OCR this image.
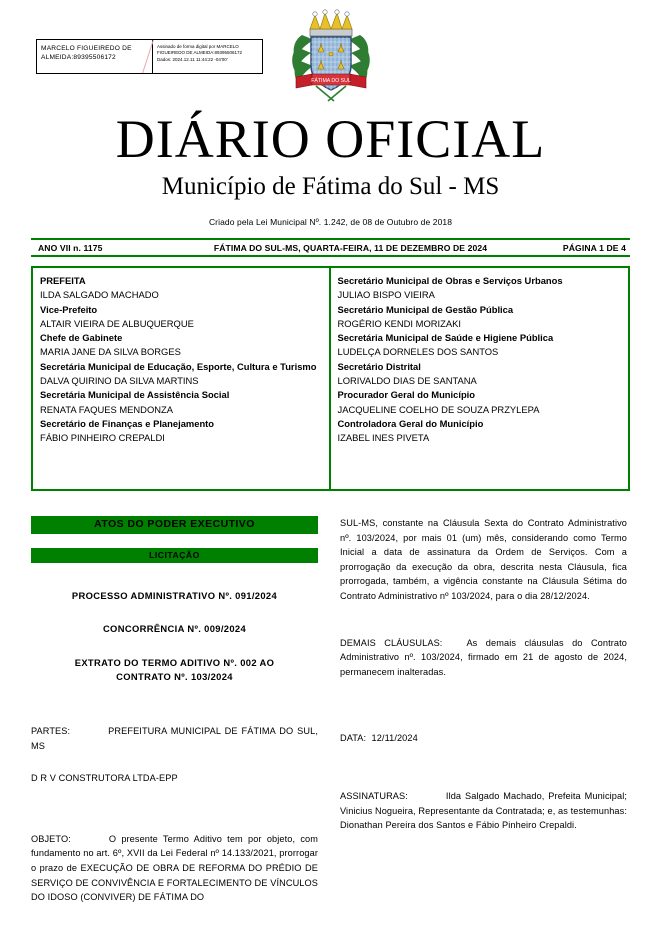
MARCELO FIGUEIREDO DE
ALMEIDA:89395506172
Assinado de forma digital por MARCELO
FIGUEIREDO DE ALMEIDA:89395506172
Dados: 2024.12.11 11:44:22 -04'00'
FÁTIMA DO SUL
DIÁRIO OFICIAL
Município de Fátima do Sul - MS
Criado pela Lei Municipal Nº. 1.242, de 08 de Outubro de 2018
ANO VII n. 1175	FÁTIMA DO SUL-MS, QUARTA-FEIRA, 11 DE DEZEMBRO DE 2024	PÁGINA 1 DE 4
PREFEITA
ILDA SALGADO MACHADO
Vice-Prefeito
ALTAIR VIEIRA DE ALBUQUERQUE
Chefe de Gabinete
MARIA JANE DA SILVA BORGES
Secretária Municipal de Educação, Esporte, Cultura e Turismo
DALVA QUIRINO DA SILVA MARTINS
Secretária Municipal de Assistência Social
RENATA FAQUES MENDONZA
Secretário de Finanças e Planejamento
FÁBIO PINHEIRO CREPALDI
Secretário Municipal de Obras e Serviços Urbanos
JULIAO BISPO VIEIRA
Secretário Municipal de Gestão Pública
ROGÉRIO KENDI MORIZAKI
Secretária Municipal de Saúde e Higiene Pública
LUDELÇA DORNELES DOS SANTOS
Secretário Distrital
LORIVALDO DIAS DE SANTANA
Procurador Geral do Município
JACQUELINE COELHO DE SOUZA PRZYLEPA
Controladora Geral do Município
IZABEL INES PIVETA
ATOS DO PODER EXECUTIVO
LICITAÇÃO
PROCESSO ADMINISTRATIVO Nº. 091/2024
CONCORRÊNCIA Nº. 009/2024
EXTRATO DO TERMO ADITIVO Nº. 002 AO
CONTRATO Nº. 103/2024
PARTES:	PREFEITURA MUNICIPAL DE FÁTIMA DO SUL, MS
D R V CONSTRUTORA LTDA-EPP
OBJETO:	O presente Termo Aditivo tem por objeto, com fundamento no art. 6º, XVII da Lei Federal nº 14.133/2021, prorrogar o prazo de EXECUÇÃO DE OBRA DE REFORMA DO PRÉDIO DE SERVIÇO DE CONVIVÊNCIA E FORTALECIMENTO DE VÍNCULOS DO IDOSO (CONVIVER) DE FÁTIMA DO
SUL-MS, constante na Cláusula Sexta do Contrato Administrativo nº. 103/2024, por mais 01 (um) mês, considerando como Termo Inicial a data de assinatura da Ordem de Serviços. Com a prorrogação da execução da obra, descrita nesta Cláusula, fica prorrogada, também, a vigência constante na Cláusula Sétima do Contrato Administrativo nº 103/2024, para o dia 28/12/2024.
DEMAIS CLÁUSULAS:	As demais cláusulas do Contrato Administrativo nº. 103/2024, firmado em 21 de agosto de 2024, permanecem inalteradas.
DATA: 12/11/2024
ASSINATURAS:	Ilda Salgado Machado, Prefeita Municipal; Vinicius Nogueira, Representante da Contratada; e, as testemunhas: Dionathan Pereira dos Santos e Fábio Pinheiro Crepaldi.
